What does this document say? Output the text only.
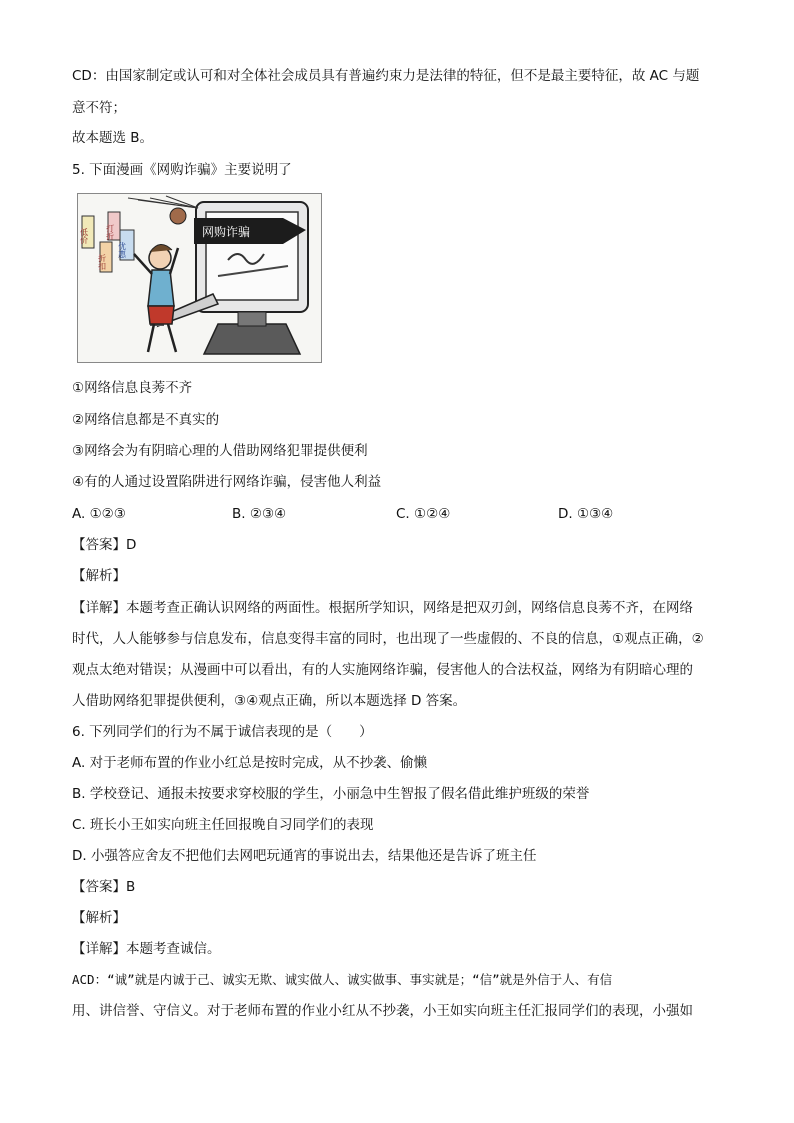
CD：由国家制定或认可和对全体社会成员具有普遍约束力是法律的特征，但不是最主要特征，故 AC 与题
意不符；
故本题选 B。
5. 下面漫画《网购诈骗》主要说明了
网购诈骗
低价
折扣
打折
优惠
①网络信息良莠不齐
②网络信息都是不真实的
③网络会为有阴暗心理的人借助网络犯罪提供便利
④有的人通过设置陷阱进行网络诈骗，侵害他人利益
A. ①②③	B. ②③④	C. ①②④	D. ①③④
【答案】D
【解析】
【详解】本题考查正确认识网络的两面性。根据所学知识，网络是把双刃剑，网络信息良莠不齐，在网络
时代，人人能够参与信息发布，信息变得丰富的同时，也出现了一些虚假的、不良的信息，①观点正确，②
观点太绝对错误；从漫画中可以看出，有的人实施网络诈骗，侵害他人的合法权益，网络为有阴暗心理的
人借助网络犯罪提供便利，③④观点正确，所以本题选择 D 答案。
6. 下列同学们的行为不属于诚信表现的是（　　）
A. 对于老师布置的作业小红总是按时完成，从不抄袭、偷懒
B. 学校登记、通报未按要求穿校服的学生，小丽急中生智报了假名借此维护班级的荣誉
C. 班长小王如实向班主任回报晚自习同学们的表现
D. 小强答应舍友不把他们去网吧玩通宵的事说出去，结果他还是告诉了班主任
【答案】B
【解析】
【详解】本题考查诚信。
ACD：“诚”就是内诚于己、诚实无欺、诚实做人、诚实做事、事实就是；“信”就是外信于人、有信
用、讲信誉、守信义。对于老师布置的作业小红从不抄袭，小王如实向班主任汇报同学们的表现，小强如
